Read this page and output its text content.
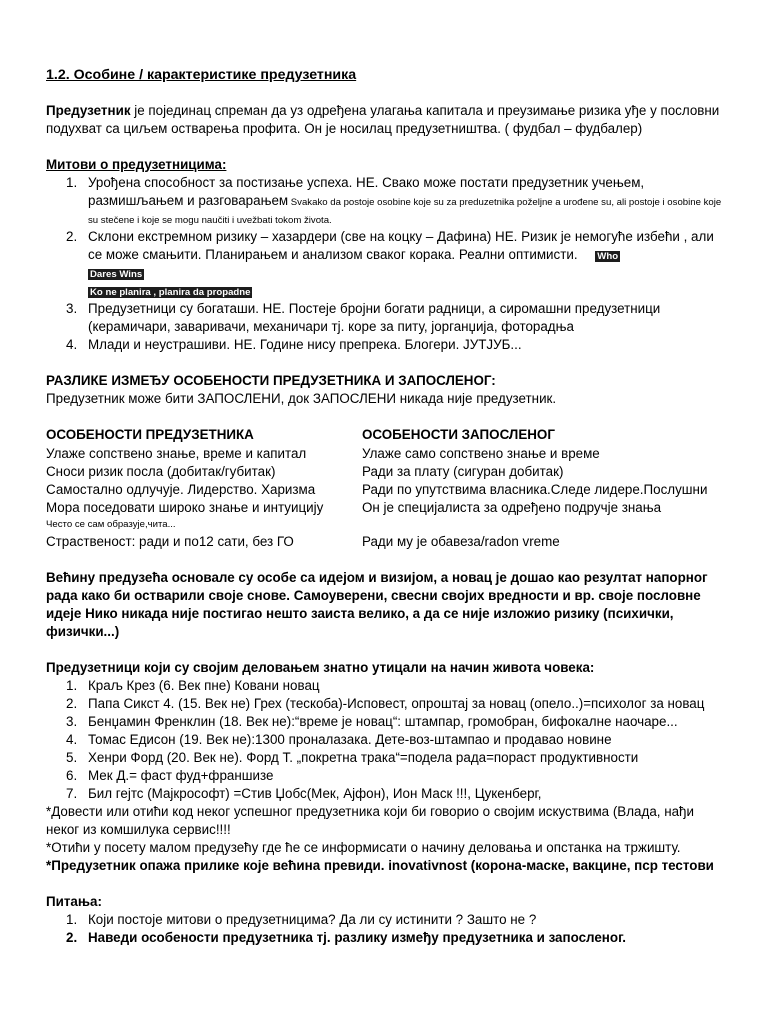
1.2. Особине / карактеристике предузетника

Предузетник је појединац спреман да уз одређена улагања капитала и преузимање ризика уђе у пословни подухват са циљем остварења профита. Он је носилац предузетништва. ( фудбал – фудбалер)

Митови о предузетницима:

1. Урођена способност за постизање успеха. НЕ. Свако може постати предузетник учењем, размишљањем и разговарањем Svakako da postoje osobine koje su za preduzetnika poželjne a urođene su, ali postoje i osobine koje su stečene i koje se mogu naučiti i uvežbati tokom života.
2. Склони екстремном ризику – хазардери (све на коцку – Дафина) НЕ. Ризик је немогуће избећи , али се може смањити. Планирањем и анализом сваког корака. Реални оптимисти. Who
Dares Wins
Ko ne planira , planira da propadne
3. Предузетници су богаташи. НЕ. Постеје бројни богати радници, а сиромашни предузетници (керамичари, заваривачи, механичари тј. коре за питу, јорганџија, фоторадња
4. Млади и неустрашиви. НЕ. Године нису препрека. Блогери. ЈУТЈУБ...

РАЗЛИКЕ ИЗМЕЂУ ОСОБЕНОСТИ ПРЕДУЗЕТНИКА И ЗАПОСЛЕНОГ:

Предузетник може бити ЗАПОСЛЕНИ, док ЗАПОСЛЕНИ никада није предузетник.

ОСОБЕНОСТИ ПРЕДУЗЕТНИКА	ОСОБЕНОСТИ ЗАПОСЛЕНОГ
Улаже сопствено знање, време и капитал	Улаже само сопствено знање и време
Сноси ризик посла (добитак/губитак)	Ради за плату (сигуран добитак)
Самостално одлучује. Лидерство. Харизма	Ради по упутствима власника.Следе лидере.Послушни
Мора поседовати широко знање и интуицију	Он је специјалиста за одређено подручје знања
Често се сам образује,чита...
Страственост: ради и по12 сати, без ГО	Ради му је обавеза/radon vreme

Већину предузећа основале су особе са идејом и визијом, а новац је дошао као резултат напорног рада како би остварили своје снове. Самоуверени, свесни својих вредности и вр. своје пословне идеје Нико никада није постигао нешто заиста велико, а да се није изложио ризику (психички, физички...)

Предузетници који су својим деловањем знатно утицали на начин живота човека:

1. Крaљ Крез (6. Век пне) Ковани новац
2. Папа Сикст 4. (15. Век не) Грех (тескоба)-Исповест, опроштај за новац (опело..)=психолог за новац
3. Бенџамин Френклин (18. Век не):“време је новац“: штампар, громобран, бифокалне наочаре...
4. Томас Едисон (19. Век не):1300 проналазака. Дете-воз-штампао и продавао новине
5. Хенри Форд (20. Век не). Форд Т. „покретна трака“=подела рада=пораст продуктивности
6. Мек Д.= фаст фуд+франшизе
7. Бил гејтс (Мајкрософт) =Стив Џобс(Мек, Ајфон), Ион Маск !!!, Цукенберг,

*Довести или отићи код неког успешног предузетника који би говорио о својим искуствима (Влада, нађи неког из комшилука сервис!!!!

*Отићи у посету малом предузећу где ће се информисати о начину деловања и опстанка на тржишту.

*Предузетник опажа прилике које већина превиди. inovativnost (корона-маске, вакцине, пср тестови

Питања:

1. Који постоје митови о предузетницима? Да ли су истинити ? Зашто не ?
2. Наведи особености предузетника тј. разлику између предузетника и запосленог.
